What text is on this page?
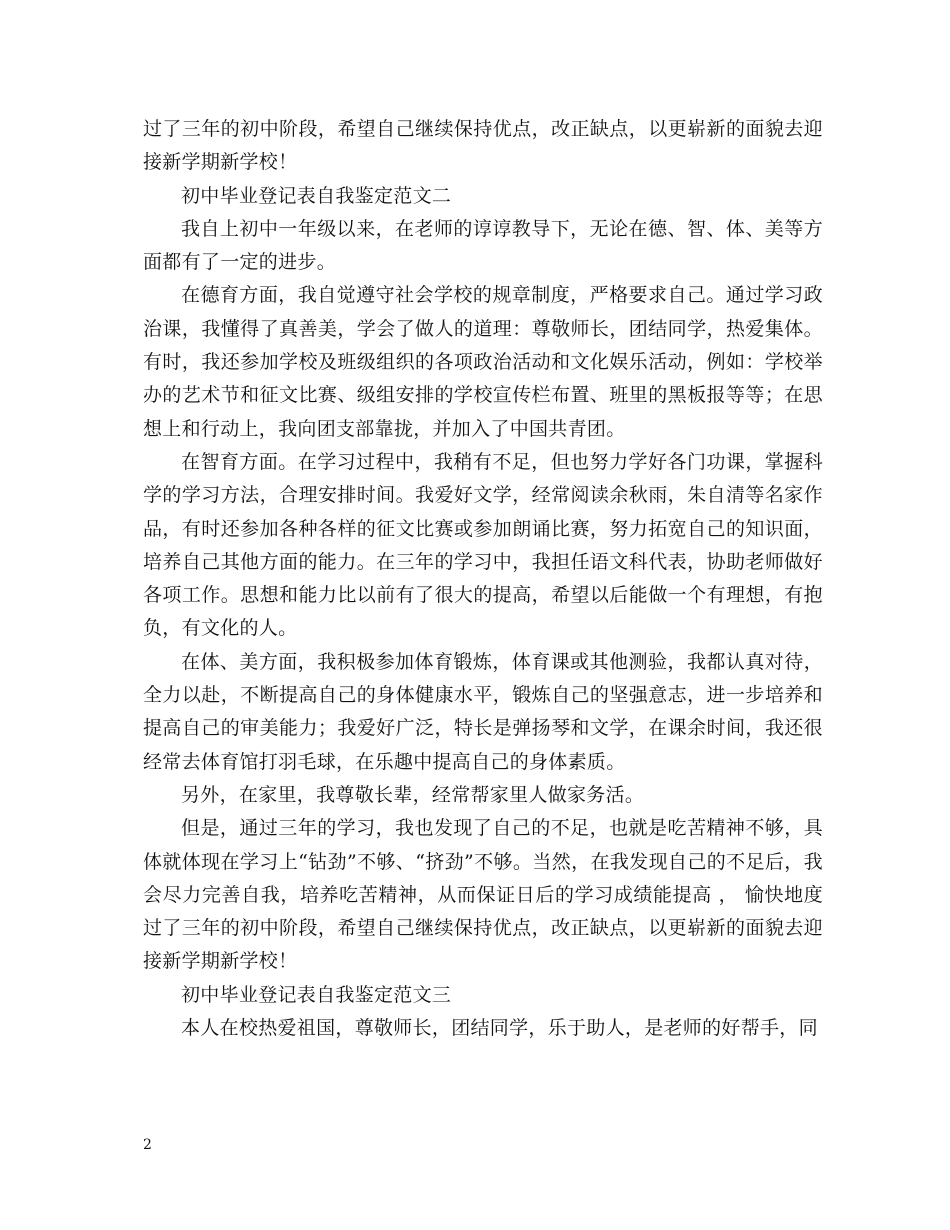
过了三年的初中阶段，希望自己继续保持优点，改正缺点，以更崭新的面貌去迎接新学期新学校！

初中毕业登记表自我鉴定范文二

我自上初中一年级以来，在老师的谆谆教导下，无论在德、智、体、美等方面都有了一定的进步。

在德育方面，我自觉遵守社会学校的规章制度，严格要求自己。通过学习政治课，我懂得了真善美，学会了做人的道理：尊敬师长，团结同学，热爱集体。有时，我还参加学校及班级组织的各项政治活动和文化娱乐活动，例如：学校举办的艺术节和征文比赛、级组安排的学校宣传栏布置、班里的黑板报等等；在思想上和行动上，我向团支部靠拢，并加入了中国共青团。

在智育方面。在学习过程中，我稍有不足，但也努力学好各门功课，掌握科学的学习方法，合理安排时间。我爱好文学，经常阅读余秋雨，朱自清等名家作品，有时还参加各种各样的征文比赛或参加朗诵比赛，努力拓宽自己的知识面，培养自己其他方面的能力。在三年的学习中，我担任语文科代表，协助老师做好各项工作。思想和能力比以前有了很大的提高，希望以后能做一个有理想，有抱负，有文化的人。

在体、美方面，我积极参加体育锻炼，体育课或其他测验，我都认真对待，全力以赴，不断提高自己的身体健康水平，锻炼自己的坚强意志，进一步培养和提高自己的审美能力；我爱好广泛，特长是弹扬琴和文学，在课余时间，我还很经常去体育馆打羽毛球，在乐趣中提高自己的身体素质。

另外，在家里，我尊敬长辈，经常帮家里人做家务活。

但是，通过三年的学习，我也发现了自己的不足，也就是吃苦精神不够，具体就体现在学习上“钻劲”不够、“挤劲”不够。当然，在我发现自己的不足后，我会尽力完善自我，培养吃苦精神，从而保证日后的学习成绩能提高 ， 愉快地度过了三年的初中阶段，希望自己继续保持优点，改正缺点，以更崭新的面貌去迎接新学期新学校！

初中毕业登记表自我鉴定范文三

本人在校热爱祖国，尊敬师长，团结同学，乐于助人，是老师的好帮手，同

2
